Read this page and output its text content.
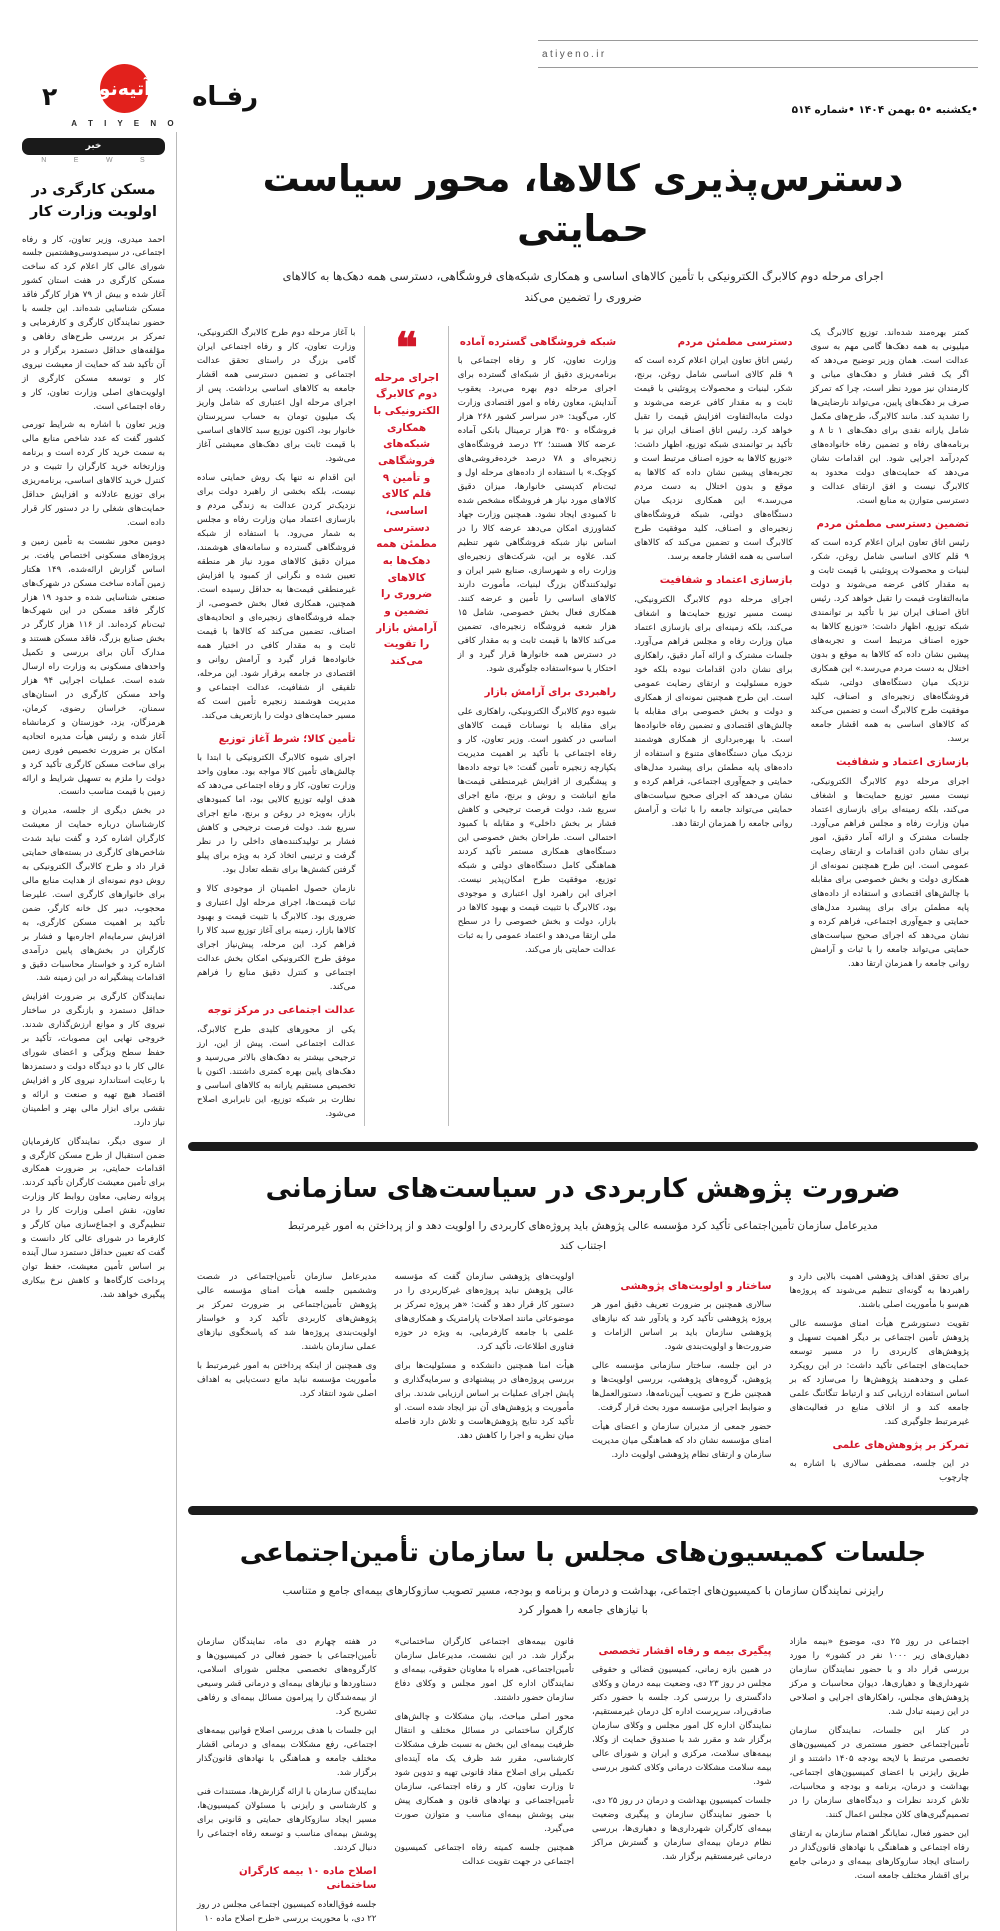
۲ آتیه‌نو
A T I Y E N O
رفـاه
atiyeno.ir
•یکشنبه •۵ بهمن ۱۴۰۴ •شماره ۵۱۴
دسترس‌پذیری کالاها، محور سیاست حمایتی
اجرای مرحله دوم کالابرگ الکترونیکی با تأمین کالاهای اساسی و همکاری شبکه‌های فروشگاهی، دسترسی همه دهک‌ها به کالاهای ضروری را تضمین می‌کند

کمتر بهره‌مند شده‌اند. توزیع کالابرگ یک میلیونی به همه دهک‌ها گامی مهم به سوی عدالت است. همان وزیر توضیح می‌دهد که اگر یک قشر فشار و دهک‌های میانی و کارمندان نیز مورد نظر است، چرا که تمرکز صرف بر دهک‌های پایین، می‌تواند نارضایتی‌ها را تشدید کند. مانند کالابرگ، طرح‌های مکمل شامل یارانه نقدی برای دهک‌های ۱ تا ۸ و برنامه‌های رفاه و تضمین رفاه خانواده‌های کم‌درآمد اجرایی شود. این اقدامات نشان می‌دهد که حمایت‌های دولت محدود به کالابرگ نیست و افق ارتقای عدالت و دسترسی متوازن به منابع است.

تضمین دسترسی مطمئن مردم

رئیس اتاق تعاون ایران اعلام کرده است که ۹ قلم کالای اساسی شامل روغن، شکر، لبنیات و محصولات پروتئینی با قیمت ثابت و به مقدار کافی عرضه می‌شوند و دولت مابه‌التفاوت قیمت را تقبل خواهد کرد. رئیس اتاق اصناف ایران نیز با تأکید بر توانمندی شبکه توزیع، اظهار داشت: «توزیع کالاها به حوزه اصناف مرتبط است و تجربه‌های پیشین نشان داده که کالاها به موقع و بدون اختلال به دست مردم می‌رسد.» این همکاری نزدیک میان دستگاه‌های دولتی، شبکه فروشگاه‌های زنجیره‌ای و اصناف، کلید موفقیت طرح کالابرگ است و تضمین می‌کند که کالاهای اساسی به همه اقشار جامعه برسد.

بازسازی اعتماد و شفافیت

اجرای مرحله دوم کالابرگ الکترونیکی، نیست مسیر توزیع حمایت‌ها و اشغاف می‌کند، بلکه زمینه‌ای برای بازسازی اعتماد میان وزارت رفاه و مجلس فراهم می‌آورد. جلسات مشترک و ارائه آمار دقیق، امور برای نشان دادن اقدامات و ارتقای رضایت عمومی است. این طرح همچنین نمونه‌ای از همکاری دولت و بخش خصوصی برای مقابله با چالش‌های اقتصادی و استفاده از داده‌های پایه مطمئن برای برای پیشبرد مدل‌های حمایتی و جمع‌آوری اجتماعی، فراهم کرده و نشان می‌دهد که اجرای صحیح سیاست‌های حمایتی می‌تواند جامعه را با ثبات و آرامش روانی جامعه را همزمان ارتقا دهد.

دسترسی مطمئن مردم

رئیس اتاق تعاون ایران اعلام کرده است که ۹ قلم کالای اساسی شامل روغن، برنج، شکر، لبنیات و محصولات پروتئینی با قیمت ثابت و به مقدار کافی عرضه می‌شوند و دولت مابه‌التفاوت افزایش قیمت را تقبل خواهد کرد. رئیس اتاق اصناف ایران نیز با تأکید بر توانمندی شبکه توزیع، اظهار داشت: «توزیع کالاها به حوزه اصناف مرتبط است و تجربه‌های پیشین نشان داده که کالاها به موقع و بدون اختلال به دست مردم می‌رسد.» این همکاری نزدیک میان دستگاه‌های دولتی، شبکه فروشگاه‌های زنجیره‌ای و اصناف، کلید موفقیت طرح کالابرگ است و تضمین می‌کند که کالاهای اساسی به همه اقشار جامعه برسد.

بازسازی اعتماد و شفافیت

اجرای مرحله دوم کالابرگ الکترونیکی، نیست مسیر توزیع حمایت‌ها و اشغاف می‌کند، بلکه زمینه‌ای برای بازسازی اعتماد میان وزارت رفاه و مجلس فراهم می‌آورد. جلسات مشترک و ارائه آمار دقیق، راهکاری برای نشان دادن اقدامات نبوده بلکه خود حوزه مسئولیت و ارتقای رضایت عمومی است. این طرح همچنین نمونه‌ای از همکاری و دولت و بخش خصوصی برای مقابله با چالش‌های اقتصادی و تضمین رفاه خانواده‌ها است. با بهره‌برداری از همکاری هوشمند نزدیک میان دستگاه‌های متنوع و استفاده از داده‌های پایه مطمئن برای پیشبرد مدل‌های حمایتی و جمع‌آوری اجتماعی، فراهم کرده و نشان می‌دهد که اجرای صحیح سیاست‌های حمایتی می‌تواند جامعه را با ثبات و آرامش روانی جامعه را همزمان ارتقا دهد.

شبکه فروشگاهی گسترده آماده

وزارت تعاون، کار و رفاه اجتماعی با برنامه‌ریزی دقیق از شبکه‌ای گسترده برای اجرای مرحله دوم بهره می‌برد. یعقوب آندایش، معاون رفاه و امور اقتصادی وزارت کار، می‌گوید: «در سراسر کشور ۲۶۸ هزار فروشگاه و ۳۵۰ هزار ترمینال بانکی آماده عرضه کالا هستند؛ ۲۲ درصد فروشگاه‌های زنجیره‌ای و ۷۸ درصد خرده‌فروشی‌های کوچک.» با استفاده از داده‌های مرحله اول و ثبت‌نام کدپستی خانوارها، میزان دقیق کالاهای مورد نیاز هر فروشگاه مشخص شده تا کمبودی ایجاد نشود. همچنین وزارت جهاد کشاورزی امکان می‌دهد عرضه کالا را در اساس نیاز شبکه فروشگاهی شهر تنظیم کند. علاوه بر این، شرکت‌های زنجیره‌ای وزارت راه و شهرسازی، صنایع شیر ایران و تولیدکنندگان بزرگ لبنیات، مأمورت دارند کالاهای اساسی را تأمین و عرضه کنند. همکاری فعال بخش خصوصی، شامل ۱۵ هزار شعبه فروشگاه زنجیره‌ای، تضمین می‌کند کالاها با قیمت ثابت و به مقدار کافی در دسترس همه خانوارها قرار گیرد و از احتکار یا سوءاستفاده جلوگیری شود.

راهبردی برای آرامش بازار

شیوه دوم کالابرگ الکترونیکی، راهکاری علی برای مقابله با نوسانات قیمت کالاهای اساسی در کشور است. وزیر تعاون، کار و رفاه اجتماعی با تأکید بر اهمیت مدیریت یکپارچه زنجیره تأمین گفت: «با توجه داده‌ها و پیشگیری از افزایش غیرمنطقی قیمت‌ها مانع انباشت و روش و برنج، مانع اجرای سریع شد، دولت فرصت ترجیحی و کاهش فشار بر بخش داخلی» و مقابله با کمبود احتمالی است. طراحان بخش خصوصی این دستگاه‌های همکاری مستمر تأکید کردند هماهنگی کامل دستگاه‌های دولتی و شبکه توزیع، موفقیت طرح امکان‌پذیر نیست. اجرای این راهبرد اول اعتباری و موجودی بود، کالابرگ با تثبیت قیمت و بهبود کالاها در بازار، دولت و بخش خصوصی را در سطح ملی ارتقا می‌دهد و اعتماد عمومی را به ثبات عدالت حمایتی باز می‌کند.

❝
اجرای مرحله دوم کالابرگ الکترونیکی با همکاری شبکه‌های فروشگاهی و تأمین ۹ قلم کالای اساسی، دسترسی مطمئن همه دهک‌ها به کالاهای ضروری را تضمین و آرامش بازار را تقویت می‌کند

با آغاز مرحله دوم طرح کالابرگ الکترونیکی، وزارت تعاون، کار و رفاه اجتماعی ایران گامی بزرگ در راستای تحقق عدالت اجتماعی و تضمین دسترسی همه اقشار جامعه به کالاهای اساسی برداشت. پس از اجرای مرحله اول اعتباری که شامل واریز یک میلیون تومان به حساب سرپرستان خانوار بود، اکنون توزیع سبد کالاهای اساسی با قیمت ثابت برای دهک‌های معیشتی آغاز می‌شود.

این اقدام نه تنها یک روش حمایتی ساده نیست، بلکه بخشی از راهبرد دولت برای نزدیک‌تر کردن عدالت به زندگی مردم و بازسازی اعتماد میان وزارت رفاه و مجلس به شمار می‌رود. با استفاده از شبکه فروشگاهی گسترده و سامانه‌های هوشمند، میزان دقیق کالاهای مورد نیاز هر منطقه تعیین شده و نگرانی از کمبود یا افزایش غیرمنطقی قیمت‌ها به حداقل رسیده است. همچنین، همکاری فعال بخش خصوصی، از جمله فروشگاه‌های زنجیره‌ای و اتحادیه‌های اصناف، تضمین می‌کند که کالاها با قیمت ثابت و به مقدار کافی در اختیار همه خانواده‌ها قرار گیرد و آرامش روانی و اقتصادی در جامعه برقرار شود. این مرحله، تلفیقی از شفافیت، عدالت اجتماعی و مدیریت هوشمند زنجیره تأمین است که مسیر حمایت‌های دولت را بازتعریف می‌کند.

تأمین کالا؛ شرط آغاز توزیع

اجرای شیوه کالابرگ الکترونیکی با ابتدا با چالش‌های تأمین کالا مواجه بود. معاون واحد وزارت تعاون، کار و رفاه اجتماعی می‌دهد که هدف اولیه توزیع کالایی بود، اما کمبودهای بازار، به‌ویژه در روغن و برنج، مانع اجرای سریع شد. دولت فرصت ترجیحی و کاهش فشار بر تولیدکننده‌های داخلی را در نظر گرفت و ترتیبی اتخاذ کرد به ویژه برای پیلو گرفتن کشش‌ها برای نقطه تعادل بود.

نازمان حصول اطمینان از موجودی کالا و ثبات قیمت‌ها، اجرای مرحله اول اعتباری و ضروری بود. کالابرگ با تثبیت قیمت و بهبود کالاها بازار، زمینه برای آغاز توزیع سبد کالا را فراهم کرد. این مرحله، پیش‌نیاز اجرای موفق طرح الکترونیکی امکان بخش عدالت اجتماعی و کنترل دقیق منابع را فراهم می‌کند.

عدالت اجتماعی در مرکز توجه

یکی از محورهای کلیدی طرح کالابرگ، عدالت اجتماعی است. پیش از این، ارز ترجیحی بیشتر به دهک‌های بالاتر می‌رسید و دهک‌های پایین بهره کمتری داشتند. اکنون با تخصیص مستقیم یارانه به کالاهای اساسی و نظارت بر شبکه توزیع، این نابرابری اصلاح می‌شود.

ضرورت پژوهش کاربردی در سیاست‌های سازمانی
مدیرعامل سازمان تأمین‌اجتماعی تأکید کرد مؤسسه عالی پژوهش باید پروژه‌های کاربردی را اولویت دهد و از پرداختن به امور غیرمرتبط اجتناب کند

برای تحقق اهداف پژوهشی اهمیت بالایی دارد و راهبردها به گونه‌ای تنظیم می‌شوند که پروژه‌ها هم‌سو با مأموریت اصلی باشند.

تقویت دستورشرح هیأت امنای مؤسسه عالی پژوهش تأمین اجتماعی بر دیگر اهمیت تسهیل و پژوهش‌های کاربردی را در مسیر توسعه حمایت‌های اجتماعی تأکید داشت: در این رویکرد عملی و وحدهمند پژوهش‌ها را می‌سازد که بر اساس استفاده ارزیابی کند و ارتباط تنگاتنگ علمی جامعه کند و از اتلاف منابع در فعالیت‌های غیرمرتبط جلوگیری کند.

تمرکز بر پژوهش‌های علمی

در این جلسه، مصطفی سالاری با اشاره به چارچوب

ساختار و اولویت‌های پژوهشی

سالاری همچنین بر ضرورت تعریف دقیق امور هر پروژه پژوهشی تأکید کرد و یادآور شد که نیازهای پژوهشی سازمان باید بر اساس الزامات و ضرورت‌ها و اولویت‌بندی شود.

در این جلسه، ساختار سازمانی مؤسسه عالی پژوهش، گروه‌های پژوهشی، بررسی اولویت‌ها و همچنین طرح و تصویب آیین‌نامه‌ها، دستورالعمل‌ها و ضوابط اجرایی مؤسسه مورد بحث قرار گرفت.

حضور جمعی از مدیران سازمان و اعضای هیأت امنای مؤسسه نشان داد که هماهنگی میان مدیریت سازمان و ارتقای نظام پژوهشی اولویت دارد.

اولویت‌های پژوهشی سازمان گفت که مؤسسه عالی پژوهش نباید پروژه‌های غیرکاربردی را در دستور کار قرار دهد و گفت: «هر پروژه تمرکز بر موضوعاتی مانند اصلاحات پارامتریک و همکاری‌های علمی با جامعه کارفرمایی، به ویژه در حوزه فناوری اطلاعات، تأکید کرد.

هیأت امنا همچنین دانشکده و مسئولیت‌ها برای بررسی پروژه‌های در پیشنهادی و سرمایه‌گذاری و پایش اجرای عملیات بر اساس ارزیابی شدند. برای مأموریت و پژوهش‌های آن نیز ایجاد شده است. او تأکید کرد نتایج پژوهش‌هاست و تلاش دارد فاصله میان نظریه و اجرا را کاهش دهد.

مدیرعامل سازمان تأمین‌اجتماعی در شصت وششمین جلسه هیأت امنای مؤسسه عالی پژوهش تأمین‌اجتماعی بر ضرورت تمرکز بر پژوهش‌های کاربردی تأکید کرد و خواستار اولویت‌بندی پروژه‌ها شد که پاسخگوی نیازهای عملی سازمان باشند.

وی همچنین از اینکه پرداختن به امور غیرمرتبط با مأموریت مؤسسه نباید مانع دست‌یابی به اهداف اصلی شود انتقاد کرد.

جلسات کمیسیون‌های مجلس با سازمان تأمین‌اجتماعی
رایزنی نمایندگان سازمان با کمیسیون‌های اجتماعی، بهداشت و درمان و برنامه و بودجه، مسیر تصویب سازوکارهای بیمه‌ای جامع و متناسب با نیازهای جامعه را هموار کرد

اجتماعی در روز ۲۵ دی، موضوع «بیمه مازاد دهیاری‌های زیر ۱۰۰۰ نفر در کشور» را مورد بررسی قرار داد و با حضور نمایندگان سازمان شهرداری‌ها و دهیاری‌ها، دیوان محاسبات و مرکز پژوهش‌های مجلس، راهکارهای اجرایی و اصلاحی در این زمینه تبادل شد.

در کنار این جلسات، نمایندگان سازمان تأمین‌اجتماعی حضور مستمری در کمیسیون‌های تخصصی مرتبط با لایحه بودجه ۱۴۰۵ داشتند و از طریق رایزنی با اعضای کمیسیون‌های اجتماعی، بهداشت و درمان، برنامه و بودجه و محاسبات، تلاش کردند نظرات و دیدگاه‌های سازمان را در تصمیم‌گیری‌های کلان مجلس اعمال کنند.

این حضور فعال، نمایانگر اهتمام سازمان به ارتقای رفاه اجتماعی و هماهنگی با نهادهای قانون‌گذار در راستای ایجاد سازوکارهای بیمه‌ای و درمانی جامع برای اقشار مختلف جامعه است.

پیگیری بیمه و رفاه اقشار تخصصی

در همین بازه زمانی، کمیسیون قضائی و حقوقی مجلس در روز ۲۳ دی، وضعیت بیمه درمان و وکلای دادگستری را بررسی کرد. جلسه با حضور دکتر صادقی‌راد، سرپرست اداره کل درمان غیرمستقیم، نمایندگان اداره کل امور مجلس و وکلای سازمان برگزار شد و مقرر شد با صندوق حمایت از وکلا، بیمه‌های سلامت، مرکزی و ایران و شورای عالی بیمه سلامت مشکلات درمانی وکلای کشور بررسی شود.

جلسات کمیسیون بهداشت و درمان در روز ۲۵ دی، با حضور نمایندگان سازمان و پیگیری وضعیت بیمه‌ای کارگران شهرداری‌ها و دهیاری‌ها، بررسی نظام درمان بیمه‌ای سازمان و گسترش مراکز درمانی غیرمستقیم برگزار شد.

قانون بیمه‌های اجتماعی کارگران ساختمانی» برگزار شد. در این نشست، مدیرعامل سازمان تأمین‌اجتماعی، همراه با معاونان حقوقی، بیمه‌ای و نمایندگان اداره کل امور مجلس و وکلای دفاع سازمان حضور داشتند.

محور اصلی مباحث، بیان مشکلات و چالش‌های کارگران ساختمانی در مسائل مختلف و انتقال ظرفیت بیمه‌ای این بخش به نسبت ظرف مشکلات کارشناسی، مقرر شد ظرف یک ماه آینده‌ای تکمیلی برای اصلاح مفاد قانونی تهیه و تدوین شود تا وزارت تعاون، کار و رفاه اجتماعی، سازمان تأمین‌اجتماعی و نهادهای قانون و همکاری پیش بینی پوشش بیمه‌ای مناسب و متوازن صورت می‌گیرد.

همچنین جلسه کمیته رفاه اجتماعی کمیسیون اجتماعی در جهت تقویت عدالت

در هفته چهارم دی ماه، نمایندگان سازمان تأمین‌اجتماعی با حضور فعالی در کمیسیون‌ها و کارگروه‌های تخصصی مجلس شورای اسلامی، دستاوردها و نیازهای بیمه‌ای و درمانی قشر وسیعی از بیمه‌شدگان را پیرامون مسائل بیمه‌ای و رفاهی تشریح کرد.

این جلسات با هدف بررسی اصلاح قوانین بیمه‌های اجتماعی، رفع مشکلات بیمه‌ای و درمانی اقشار مختلف جامعه و هماهنگی با نهادهای قانون‌گذار برگزار شد.

نمایندگان سازمان با ارائه گزارش‌ها، مستندات فنی و کارشناسی و رایزنی با مسئولان کمیسیون‌ها، مسیر ایجاد سازوکارهای حمایتی و قانونی برای پوشش بیمه‌ای مناسب و توسعه رفاه اجتماعی را دنبال کردند.

اصلاح ماده ۱۰ بیمه کارگران ساختمانی

جلسه فوق‌العاده کمیسیون اجتماعی مجلس در روز ۲۲ دی، با محوریت بررسی «طرح اصلاح ماده ۱۰

خبر
N	E	W	S
مسکن کارگری در اولویت وزارت کار

احمد میدری، وزیر تعاون، کار و رفاه اجتماعی، در سیصدوسی‌وهشتمین جلسه شورای عالی کار اعلام کرد که ساخت مسکن کارگری در هفت استان کشور آغاز شده و بیش از ۷۹ هزار کارگر فاقد مسکن شناسایی شده‌اند. این جلسه با حضور نمایندگان کارگری و کارفرمایی و تمرکز بر بررسی طرح‌های رفاهی و مؤلفه‌های حداقل دستمزد برگزار و در آن تأکید شد که حمایت از معیشت نیروی کار و توسعه مسکن کارگری از اولویت‌های اصلی وزارت تعاون، کار و رفاه اجتماعی است.

وزیر تعاون با اشاره به شرایط تورمی کشور گفت که عدد شاخص منابع مالی به سمت خرید کار کرده است و برنامه وزارتخانه خرید کارگران را تثبیت و در کنترل خرید کالاهای اساسی، برنامه‌ریزی برای توزیع عادلانه و افزایش حداقل حمایت‌های شغلی را در دستور کار قرار داده است.

دومین محور نشست به تأمین زمین و پروژه‌های مسکونی اختصاص یافت. بر اساس گزارش ارائه‌شده، ۱۴۹ هکتار زمین آماده ساخت مسکن در شهرک‌های صنعتی شناسایی شده و حدود ۱۹ هزار کارگر فاقد مسکن در این شهرک‌ها ثبت‌نام کرده‌اند. از ۱۱۶ هزار کارگر در بخش صنایع بزرگ، فاقد مسکن هستند و مدارک آنان برای بررسی و تکمیل واحدهای مسکونی به وزارت راه ارسال شده است. عملیات اجرایی ۹۴ هزار واحد مسکن کارگری در استان‌های سمنان، خراسان رضوی، کرمان، هرمزگان، یزد، خوزستان و کرمانشاه آغاز شده و رئیس هیأت مدیره اتحادیه امکان بر ضرورت تخصیص فوری زمین برای ساخت مسکن کارگری تأکید کرد و دولت را ملزم به تسهیل شرایط و ارائه زمین با قیمت مناسب دانست.

در بخش دیگری از جلسه، مدیران و کارشناسان درباره حمایت از معیشت کارگران اشاره کرد و گفت نباید شدت شاخص‌های کارگری در بسته‌های حمایتی قرار داد و طرح کالابرگ الکترونیکی به روش دوم نمونه‌ای از هدایت منابع مالی برای خانوارهای کارگری است. علیرضا محجوب، دبیر کل خانه کارگر، ضمن تأکید بر اهمیت مسکن کارگری، به افزایش سرمایه‌ام اجاره‌بها و فشار بر کارگران در بخش‌های پایین درآمدی اشاره کرد و خواستار محاسبات دقیق و اقدامات پیشگیرانه در این زمینه شد.

نمایندگان کارگری بر ضرورت افزایش حداقل دستمزد و بازنگری در ساختار نیروی کار و موانع ارزش‌گذاری شدند. خروجی نهایی این مصوبات، تأکید بر حفظ سطح ویژگی و اعضای شورای عالی کار با دو دیدگاه دولت و دستمزدها با رعایت استاندارد نیروی کار و افزایش اقتصاد هیچ تهیه و صنعت و ارائه و نقشی برای ابزار مالی بهتر و اطمینان نیاز دارد.

از سوی دیگر، نمایندگان کارفرمایان ضمن استقبال از طرح مسکن کارگری و اقدامات حمایتی، بر ضرورت همکاری برای تأمین معیشت کارگران تأکید کردند. پروانه رضایی، معاون روابط کار وزارت تعاون، نقش اصلی وزارت کار را در تنظیم‌گری و اجماع‌سازی میان کارگر و کارفرما در شورای عالی کار دانست و گفت که تعیین حداقل دستمزد سال آینده بر اساس تأمین معیشت، حفظ توان پرداخت کارگاه‌ها و کاهش نرخ بیکاری پیگیری خواهد شد.
